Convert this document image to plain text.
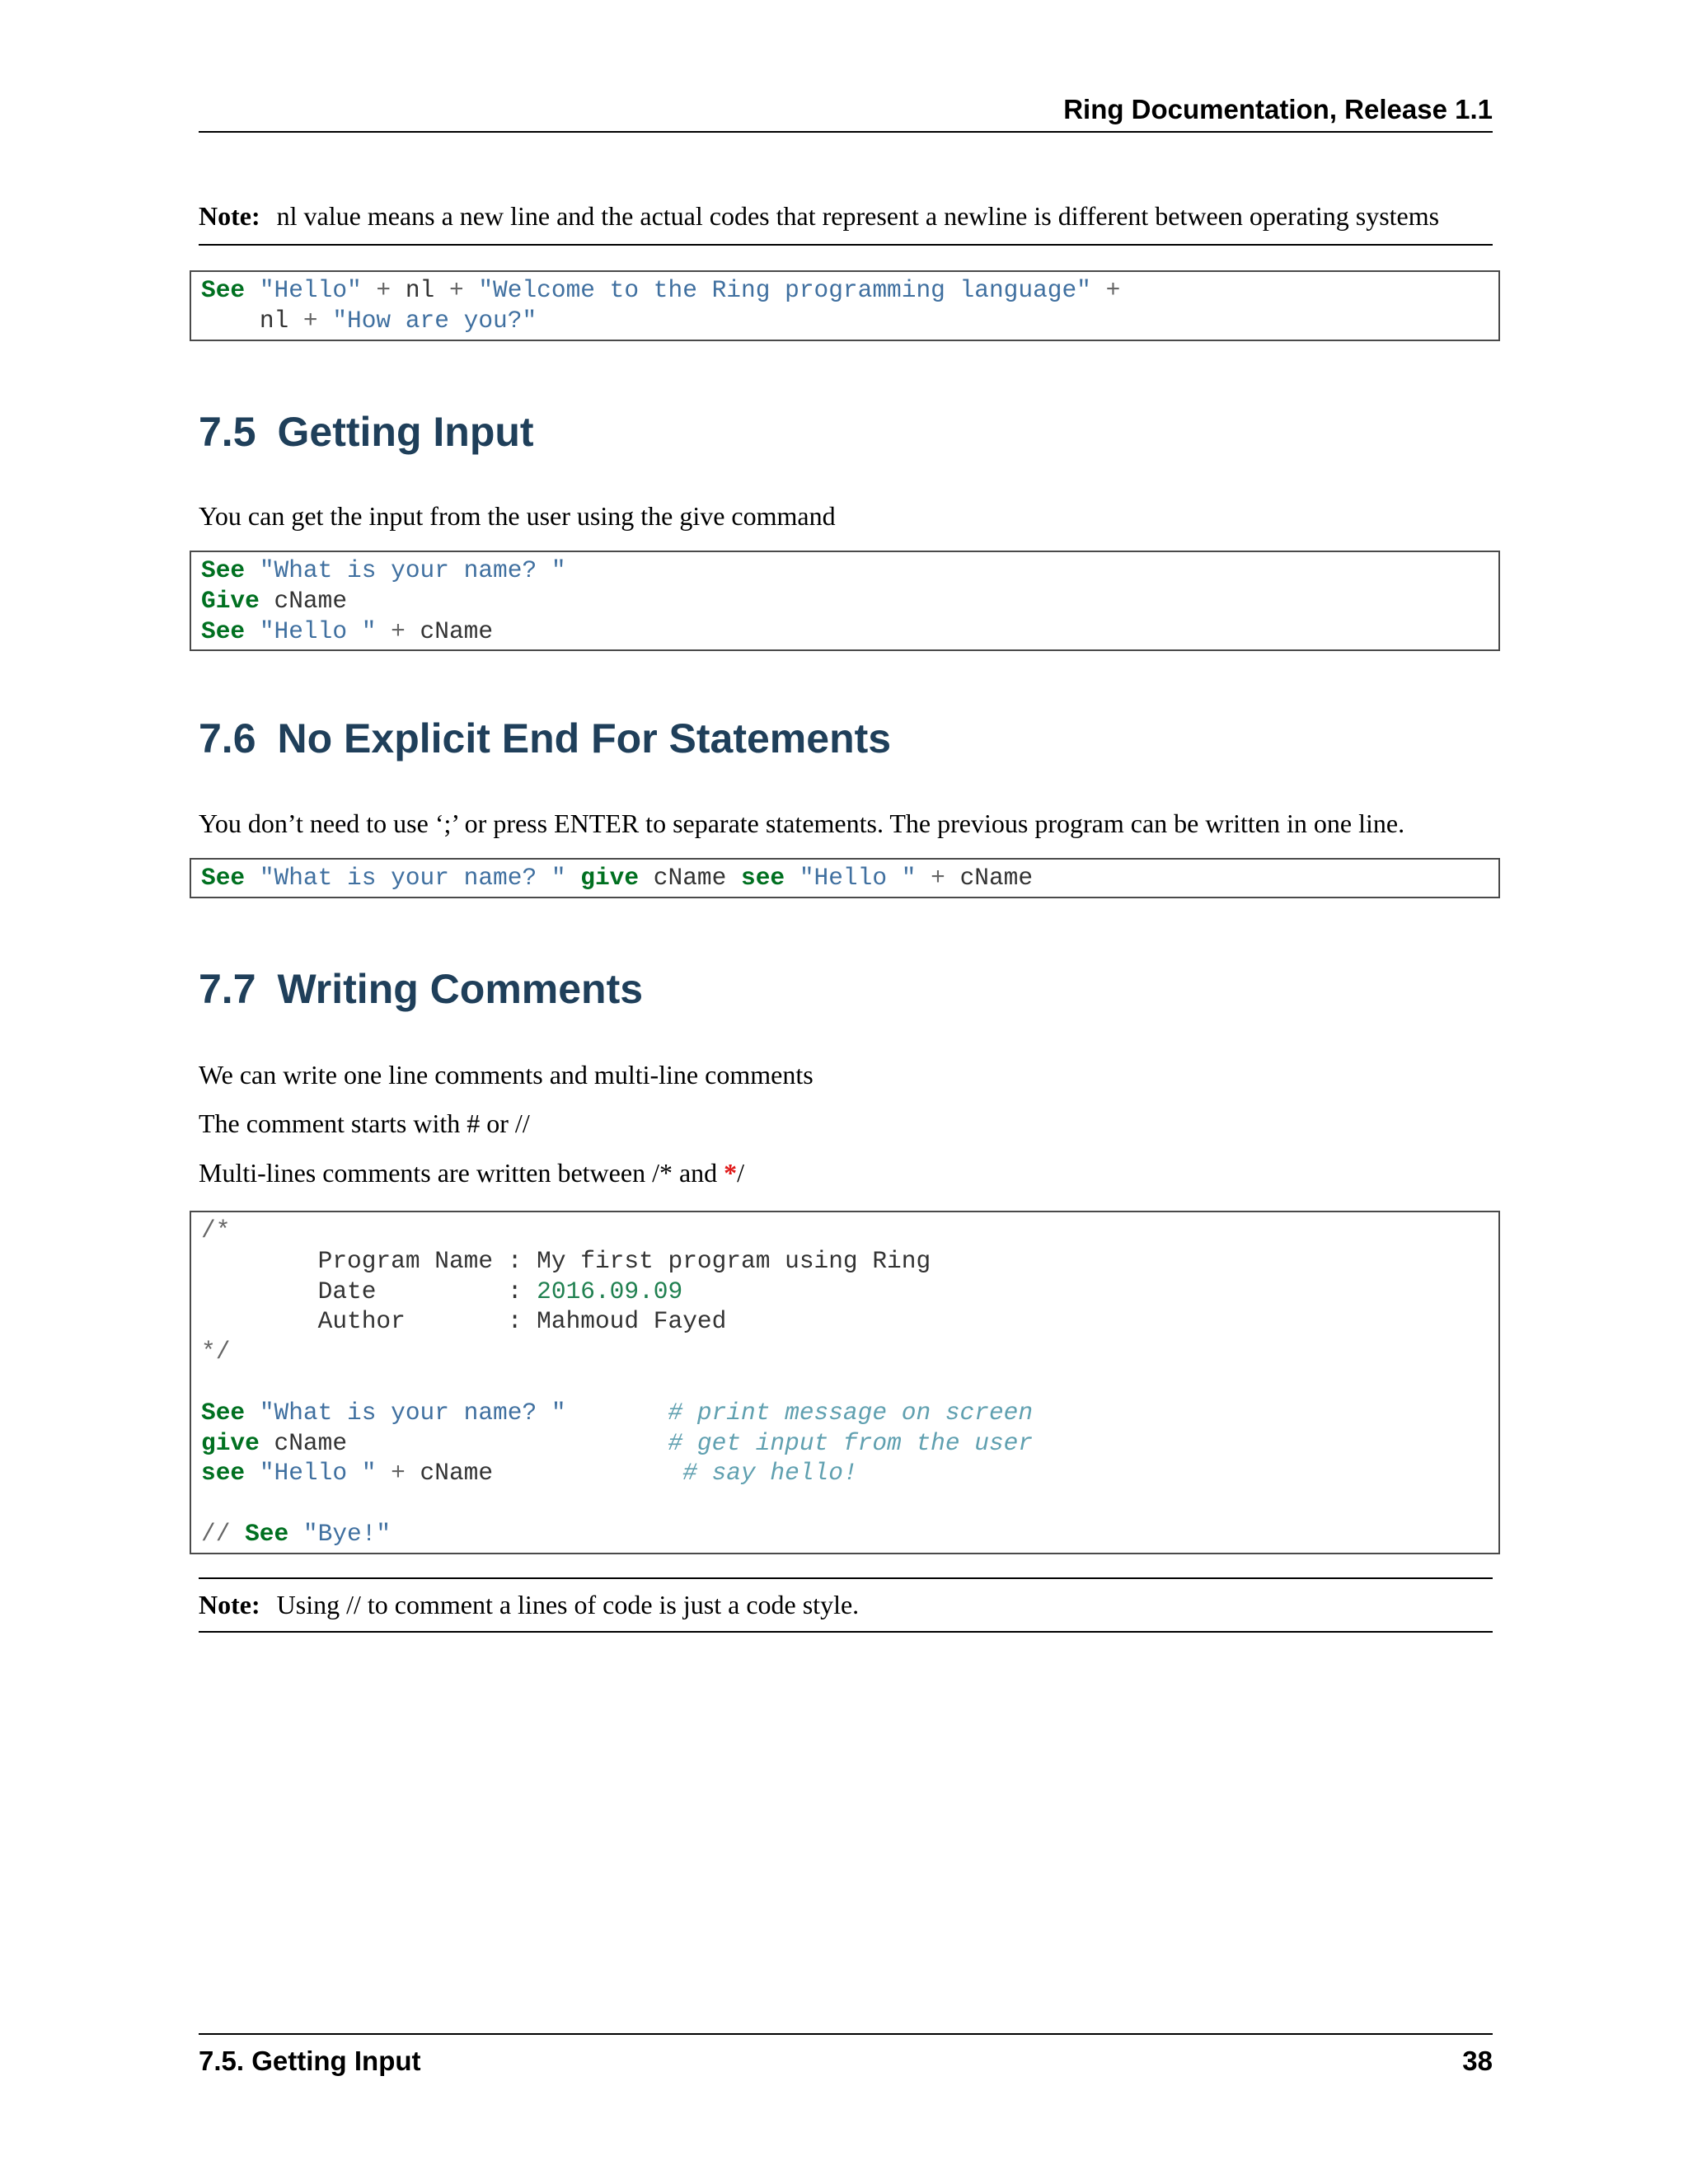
Ring Documentation, Release 1.1
Note: nl value means a new line and the actual codes that represent a newline is different between operating systems
See "Hello" + nl + "Welcome to the Ring programming language" +
nl + "How are you?"
7.5 Getting Input
You can get the input from the user using the give command
See "What is your name? "
Give cName
See "Hello " + cName
7.6 No Explicit End For Statements
You don’t need to use ‘;’ or press ENTER to separate statements. The previous program can be written in one line.
See "What is your name? " give cName see "Hello " + cName
7.7 Writing Comments
We can write one line comments and multi-line comments
The comment starts with # or //
Multi-lines comments are written between /* and */
/*
Program Name : My first program using Ring
Date         : 2016.09.09
Author       : Mahmoud Fayed
*/
See "What is your name? "	# print message on screen
give cName	# get input from the user
see "Hello " + cName	# say hello!
// See "Bye!"
Note: Using // to comment a lines of code is just a code style.
7.5. Getting Input	38
